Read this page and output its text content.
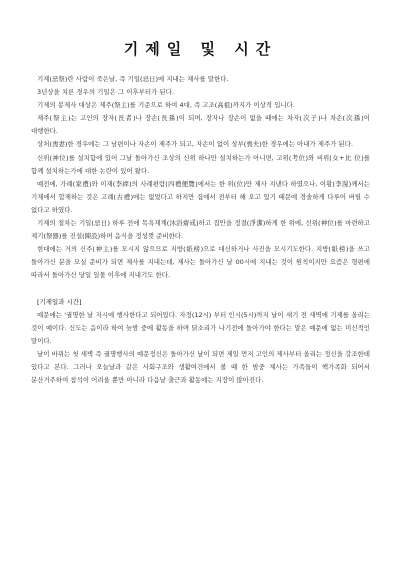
기제일 및 시간

기제(忌祭)란 사람이 죽은날, 즉 기일(忌日)에 지내는 제사를 말한다.

3년상을 치른 경우의 기일은 그 이후부터가 된다.

기제의 봉제사 대상은 제주(祭主)를 기준으로 하여 4대, 즉 고조(高祖)까지가 이상적 입니다.

제주(祭主)는 고인의 장자(長者)나 장손(長孫)이 되며, 장자나 장손이 없을 때에는 차자(次子)나 차손(次孫)이 대행한다.

상처(喪妻)한 경우에는 그 남편이나 자손이 제주가 되고, 자손이 없이 상부(喪夫)한 경우에는 아내가 제주가 된다.

신위(神位)를 설치함에 있어 그날 돌아가신 조상의 신위 하나만 설치하는가 아니면, 고위(考位)와 비위(女+比 位)를 함께 설치하는가에 대한 논란이 있어 왔다.

예전에, 가례(家禮)와 이재(李縡)의 사례편람(四禮便覽)에서는 한 위(位)만 제사 지낸다 하였으나, 이황(李滉)께서는 기제에서 합제하는 것은 고례(古禮)에는 없었다고 하지만 집에서 전부터 해 오고 있기 때문에 경솔하게 다루어 버릴 수 없다고 하였다.

기제의 절차는 기일(忌日) 하루 전에 목욕재계(沐浴齋戒)하고 집안을 정결(淨潔)하게 한 위에, 신위(神位)를 마련하고 제기(祭器)를 진설(陳設)하며 음식을 정성껏 준비한다.

현대에는 거의 신주(神主)를 모시지 않으므로 지방(紙榜)으로 대신하거나 사진을 모시기도한다. 지방(紙榜)을 쓰고 돌아가신 분을 모실 준비가 되면 제사를 지내는데, 제사는 돌아가신 날 00시에 지내는 것이 원칙이지만 요즘은 형편에 따라서 돌아가신 당일 일몰 이후에 지내기도 한다.

[기제일과 시간]

예문에는 '궐명한 날 자시에 행사한다고 되어있다. 자정(12시) 부터 인시(5시)까지 날이 새기 전 새벽에 기제를 올리는 것이 예이다. 신도는 음이라 하여 늦밤 중에 활동을 하며 닭소리가 나기전에 돌아가야 한다는 말은 예문에 없는 미신적인 말이다.

날이 바뀌는 첫 새벽 즉 궐명행사의 예문정신은 돌아가신 날이 되면 제일 먼저 고인의 제사부터 올리는 정신을 강조한데 있다고 본다. 그러나 오늘날과 같은 사회구조와 생활여건에서 볼 때 한 밤중 제사는 가족들이 핵가족화 되어서 분산거주하여 참석이 어려울 뿐만 아니라 다음날 출근과 활동에는 지장이 많아진다.
